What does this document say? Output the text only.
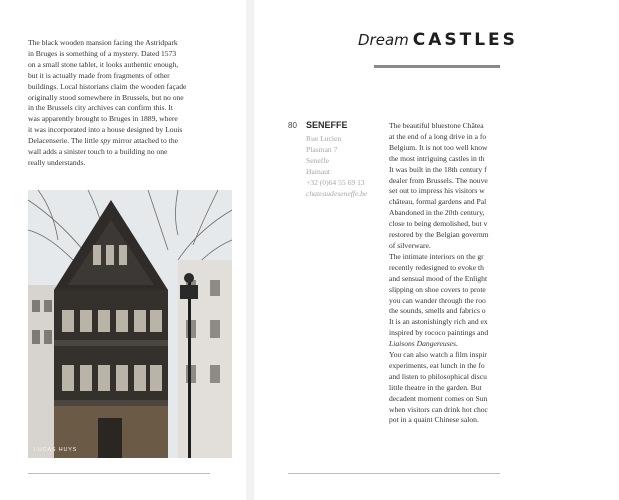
The black wooden mansion facing the Astridpark
in Bruges is something of a mystery. Dated 1573
on a small stone tablet, it looks authentic enough,
but it is actually made from fragments of other
buildings. Local historians claim the wooden façade
originally stood somewhere in Brussels, but no one
in the Brussels city archives can confirm this. It
was apparently brought to Bruges in 1889, where
it was incorporated into a house designed by Louis
Delacenserie. The little spy mirror attached to the
wall adds a sinister touch to a building no one
really understands.

LUCAS HUYS
Dream CASTLES
80 SENEFFE
Rue Lucien
Plasman 7
Seneffe
Hainaut
+32 (0)64 55 69 13
chateaudeseneffe.be

The beautiful bluestone Châtea

at the end of a long drive in a fo

Belgium. It is not too well know

the most intriguing castles in th

It was built in the 18th century f

dealer from Brussels. The nouve

set out to impress his visitors w

château, formal gardens and Pal

Abandoned in the 20th century,

close to being demolished, but v

restored by the Belgian governm

of silverware.

The intimate interiors on the gr

recently redesigned to evoke th

and sensual mood of the Enlight

slipping on shoe covers to prote

you can wander through the roo

the sounds, smells and fabrics o

It is an astonishingly rich and ex

inspired by rococo paintings and

Liaisons Dangereuses.

You can also watch a film inspir

experiments, eat lunch in the fo

and listen to philosophical discu

little theatre in the garden. But

decadent moment comes on Sun

when visitors can drink hot choc

pot in a quaint Chinese salon.
